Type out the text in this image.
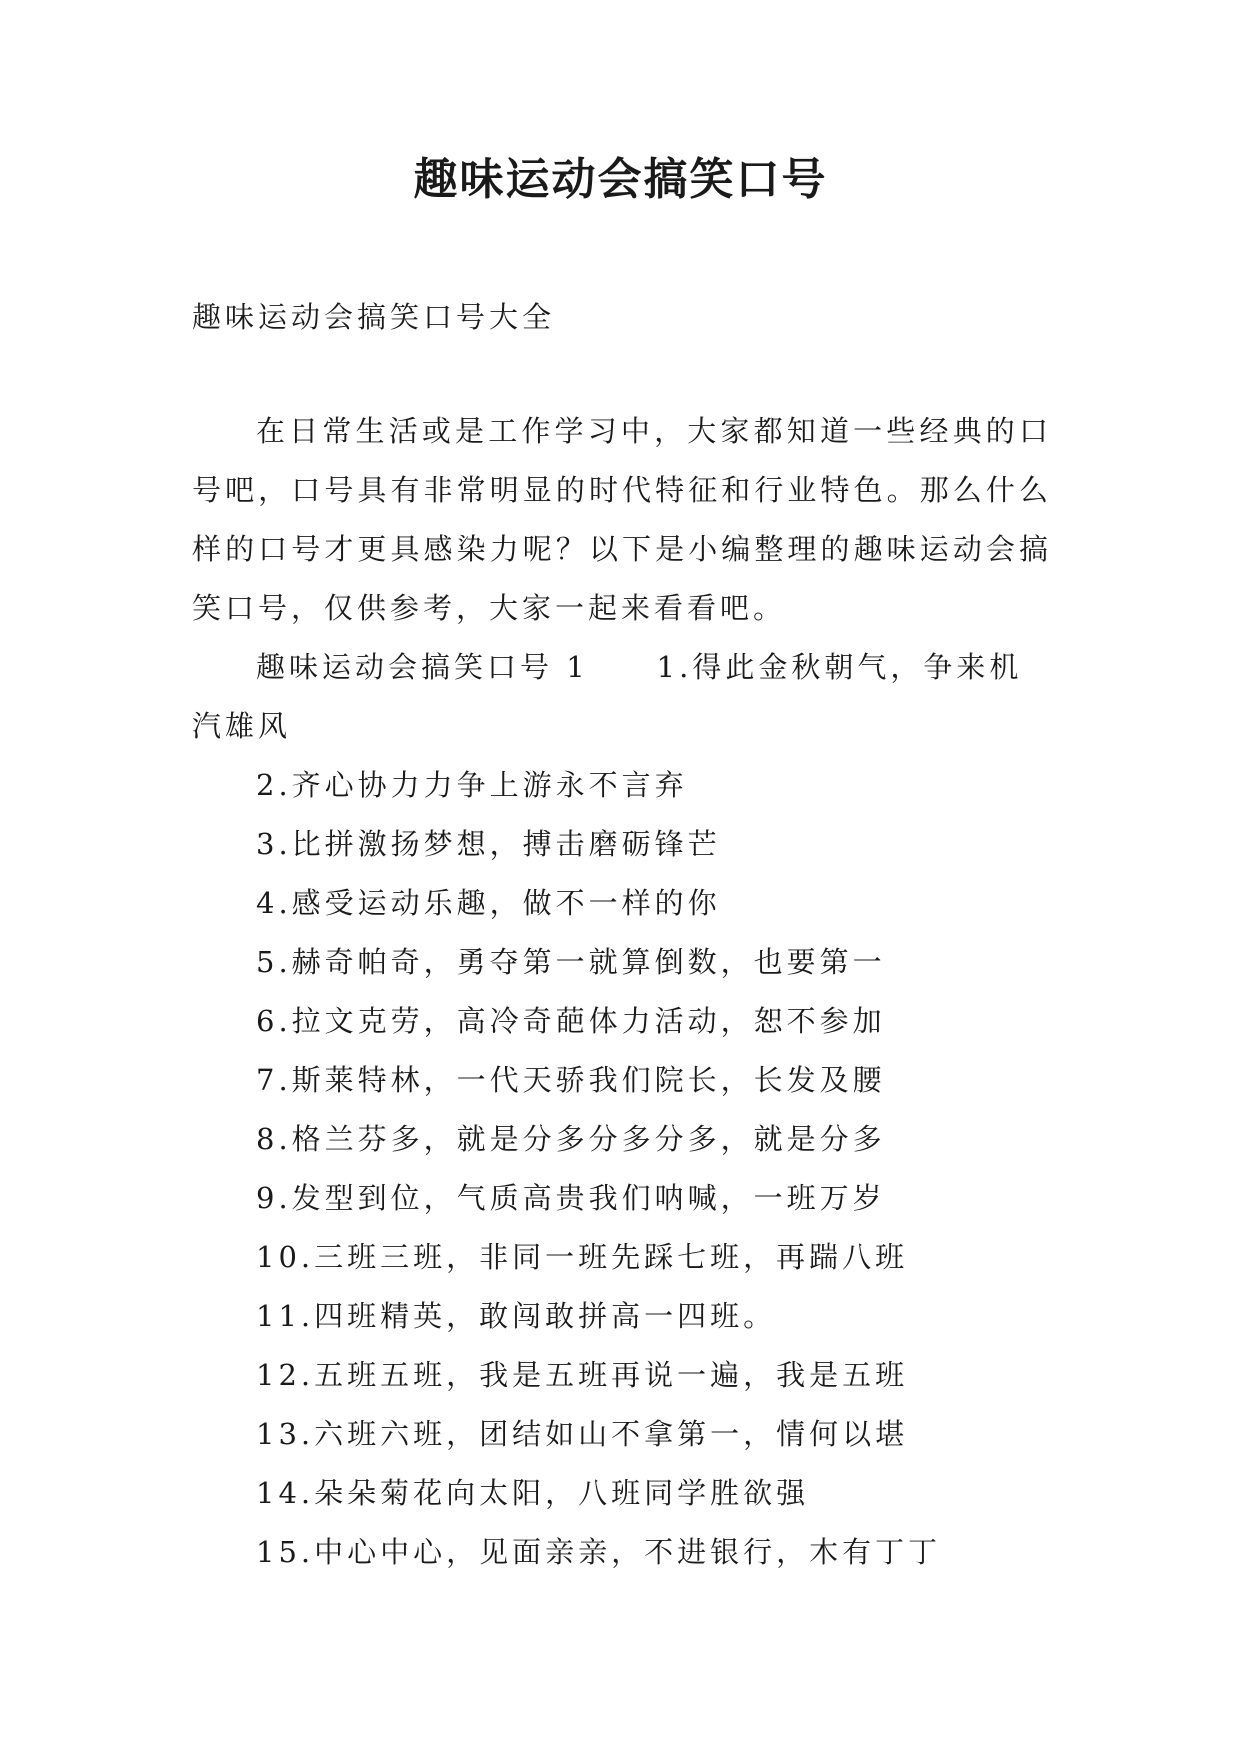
趣味运动会搞笑口号

趣味运动会搞笑口号大全

在日常生活或是工作学习中，大家都知道一些经典的口号吧，口号具有非常明显的时代特征和行业特色。那么什么样的口号才更具感染力呢？以下是小编整理的趣味运动会搞笑口号，仅供参考，大家一起来看看吧。

趣味运动会搞笑口号 1 1.得此金秋朝气，争来机汽雄风

2.齐心协力力争上游永不言弃
3.比拼激扬梦想，搏击磨砺锋芒
4.感受运动乐趣，做不一样的你
5.赫奇帕奇，勇夺第一就算倒数，也要第一
6.拉文克劳，高冷奇葩体力活动，恕不参加
7.斯莱特林，一代天骄我们院长，长发及腰
8.格兰芬多，就是分多分多分多，就是分多
9.发型到位，气质高贵我们呐喊，一班万岁
10.三班三班，非同一班先踩七班，再踹八班
11.四班精英，敢闯敢拼高一四班。
12.五班五班，我是五班再说一遍，我是五班
13.六班六班，团结如山不拿第一，情何以堪
14.朵朵菊花向太阳，八班同学胜欲强
15.中心中心，见面亲亲，不进银行，木有丁丁
